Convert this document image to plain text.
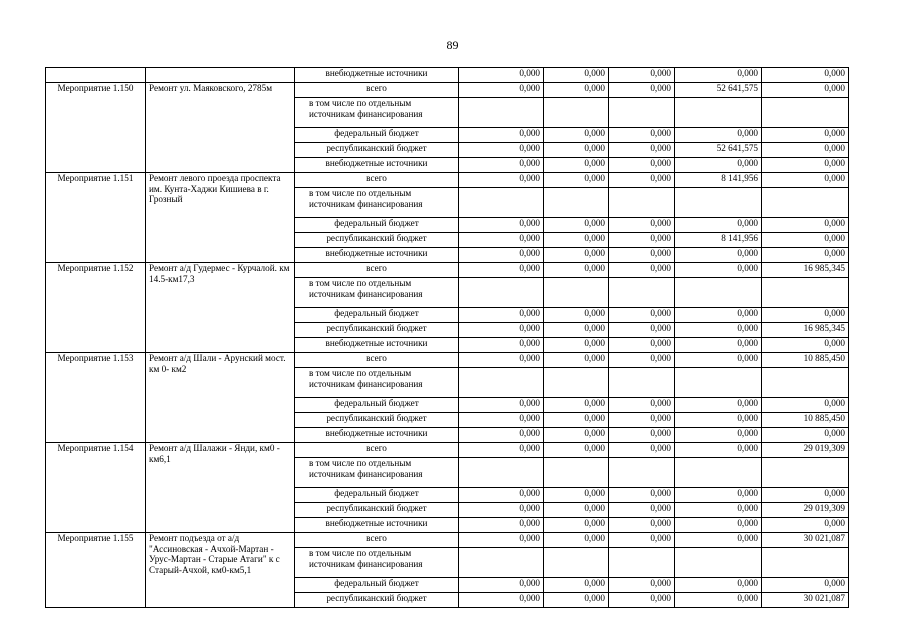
89
		внебюджетные источники	0,000	0,000	0,000	0,000	0,000
Мероприятие 1.150	Ремонт ул. Маяковского, 2785м	всего	0,000	0,000	0,000	52 641,575	0,000
		в том числе по отдельным источникам финансирования					
		федеральный бюджет	0,000	0,000	0,000	0,000	0,000
		республиканский бюджет	0,000	0,000	0,000	52 641,575	0,000
		внебюджетные источники	0,000	0,000	0,000	0,000	0,000
Мероприятие 1.151	Ремонт левого проезда проспекта им. Кунта-Хаджи Кишиева в г. Грозный	всего	0,000	0,000	0,000	8 141,956	0,000
		в том числе по отдельным источникам финансирования					
		федеральный бюджет	0,000	0,000	0,000	0,000	0,000
		республиканский бюджет	0,000	0,000	0,000	8 141,956	0,000
		внебюджетные источники	0,000	0,000	0,000	0,000	0,000
Мероприятие 1.152	Ремонт а/д Гудермес - Курчалой. км 14.5-км17,3	всего	0,000	0,000	0,000	0,000	16 985,345
		в том числе по отдельным источникам финансирования					
		федеральный бюджет	0,000	0,000	0,000	0,000	0,000
		республиканский бюджет	0,000	0,000	0,000	0,000	16 985,345
		внебюджетные источники	0,000	0,000	0,000	0,000	0,000
Мероприятие 1.153	Ремонт а/д Шали - Арунский мост. км 0- км2	всего	0,000	0,000	0,000	0,000	10 885,450
		в том числе по отдельным источникам финансирования					
		федеральный бюджет	0,000	0,000	0,000	0,000	0,000
		республиканский бюджет	0,000	0,000	0,000	0,000	10 885,450
		внебюджетные источники	0,000	0,000	0,000	0,000	0,000
Мероприятие 1.154	Ремонт а/д Шалажи - Янди, км0 - км6,1	всего	0,000	0,000	0,000	0,000	29 019,309
		в том числе по отдельным источникам финансирования					
		федеральный бюджет	0,000	0,000	0,000	0,000	0,000
		республиканский бюджет	0,000	0,000	0,000	0,000	29 019,309
		внебюджетные источники	0,000	0,000	0,000	0,000	0,000
Мероприятие 1.155	Ремонт подъезда от а/д "Ассиновская - Ачхой-Мартан - Урус-Мартан - Старые Атаги" к с Старый-Ачхой, км0-км5,1	всего	0,000	0,000	0,000	0,000	30 021,087
		в том числе по отдельным источникам финансирования					
		федеральный бюджет	0,000	0,000	0,000	0,000	0,000
		республиканский бюджет	0,000	0,000	0,000	0,000	30 021,087
